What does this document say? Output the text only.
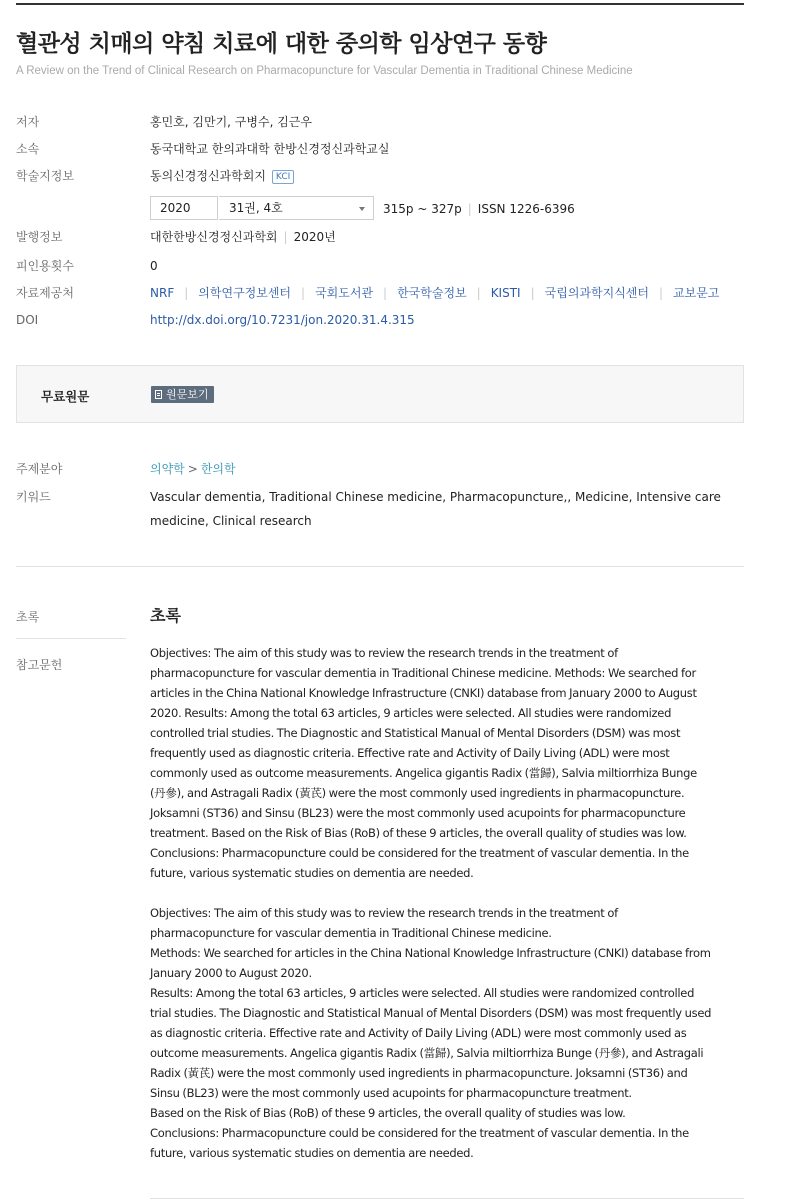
혈관성 치매의 약침 치료에 대한 중의학 임상연구 동향
A Review on the Trend of Clinical Research on Pharmacopuncture for Vascular Dementia in Traditional Chinese Medicine
저자	홍민호, 김만기, 구병수, 김근우
소속	동국대학교 한의과대학 한방신경정신과학교실
학술지정보	동의신경정신과학회지 KCI
2020	31권, 4호	315p ~ 327p | ISSN 1226-6396
발행정보	대한한방신경정신과학회 | 2020년
피인용횟수	0
자료제공처	NRF | 의학연구정보센터 | 국회도서관 | 한국학술정보 | KISTI | 국립의과학지식센터 | 교보문고
DOI	http://dx.doi.org/10.7231/jon.2020.31.4.315
무료원문	원문보기
주제분야	의약학 > 한의학
키워드	Vascular dementia, Traditional Chinese medicine, Pharmacopuncture,, Medicine, Intensive care medicine, Clinical research
초록
참고문헌
초록
Objectives: The aim of this study was to review the research trends in the treatment of
pharmacopuncture for vascular dementia in Traditional Chinese medicine. Methods: We searched for
articles in the China National Knowledge Infrastructure (CNKI) database from January 2000 to August
2020. Results: Among the total 63 articles, 9 articles were selected. All studies were randomized
controlled trial studies. The Diagnostic and Statistical Manual of Mental Disorders (DSM) was most
frequently used as diagnostic criteria. Effective rate and Activity of Daily Living (ADL) were most
commonly used as outcome measurements. Angelica gigantis Radix (當歸), Salvia miltiorrhiza Bunge
(丹參), and Astragali Radix (黃芪) were the most commonly used ingredients in pharmacopuncture.
Joksamni (ST36) and Sinsu (BL23) were the most commonly used acupoints for pharmacopuncture
treatment. Based on the Risk of Bias (RoB) of these 9 articles, the overall quality of studies was low.
Conclusions: Pharmacopuncture could be considered for the treatment of vascular dementia. In the
future, various systematic studies on dementia are needed.
Objectives: The aim of this study was to review the research trends in the treatment of
pharmacopuncture for vascular dementia in Traditional Chinese medicine.
Methods: We searched for articles in the China National Knowledge Infrastructure (CNKI) database from
January 2000 to August 2020.
Results: Among the total 63 articles, 9 articles were selected. All studies were randomized controlled
trial studies. The Diagnostic and Statistical Manual of Mental Disorders (DSM) was most frequently used
as diagnostic criteria. Effective rate and Activity of Daily Living (ADL) were most commonly used as
outcome measurements. Angelica gigantis Radix (當歸), Salvia miltiorrhiza Bunge (丹參), and Astragali
Radix (黃芪) were the most commonly used ingredients in pharmacopuncture. Joksamni (ST36) and
Sinsu (BL23) were the most commonly used acupoints for pharmacopuncture treatment.
Based on the Risk of Bias (RoB) of these 9 articles, the overall quality of studies was low.
Conclusions: Pharmacopuncture could be considered for the treatment of vascular dementia. In the
future, various systematic studies on dementia are needed.
